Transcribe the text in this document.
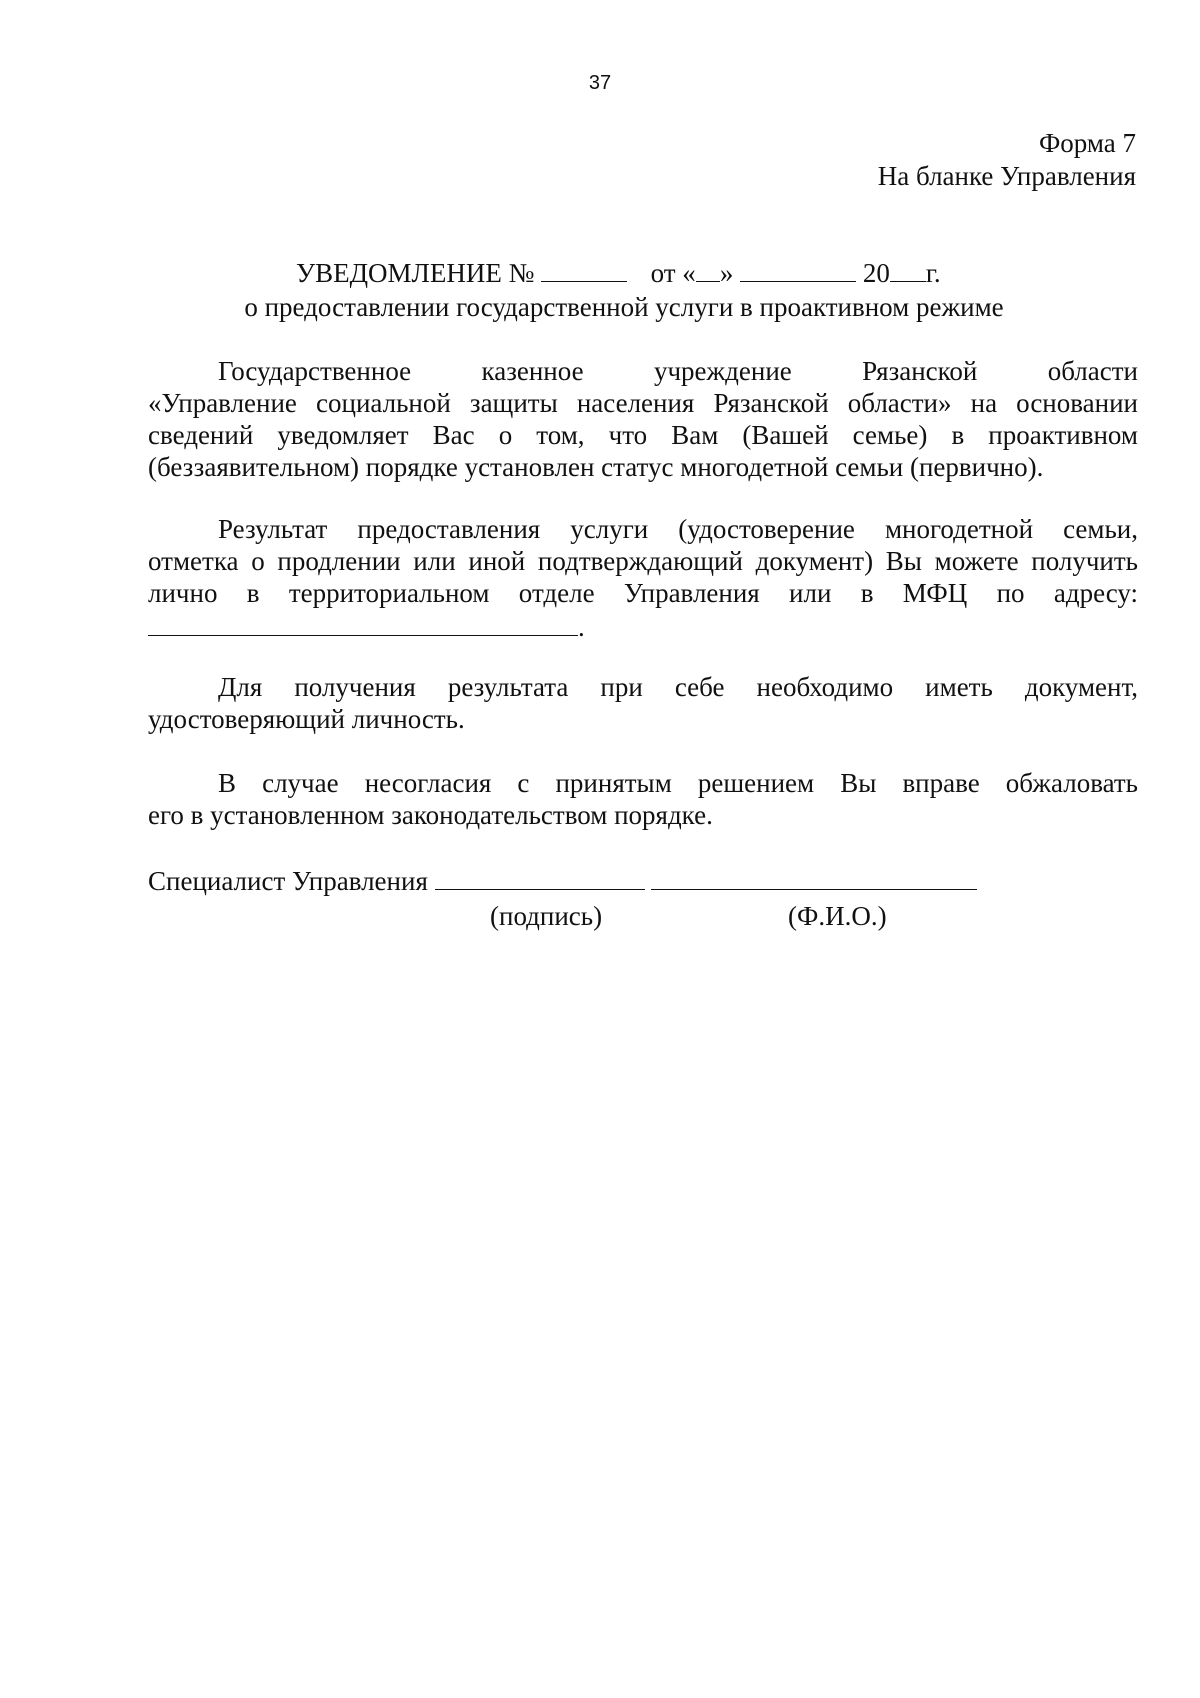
37
Форма 7
На бланке Управления
УВЕДОМЛЕНИЕ №	от « »	20 г.
о предоставлении государственной услуги в проактивном режиме
Государственное казенное учреждение Рязанской области
«Управление социальной защиты населения Рязанской области» на основании
сведений уведомляет Вас о том, что Вам (Вашей семье) в проактивном
(беззаявительном) порядке установлен статус многодетной семьи (первично).
Результат предоставления услуги (удостоверение многодетной семьи,
отметка о продлении или иной подтверждающий документ) Вы можете получить
лично в территориальном отделе Управления или в МФЦ по адресу:
.
Для получения результата при себе необходимо иметь документ,
удостоверяющий личность.
В случае несогласия с принятым решением Вы вправе обжаловать
его в установленном законодательством порядке.
Специалист Управления
(подпись)	(Ф.И.О.)
